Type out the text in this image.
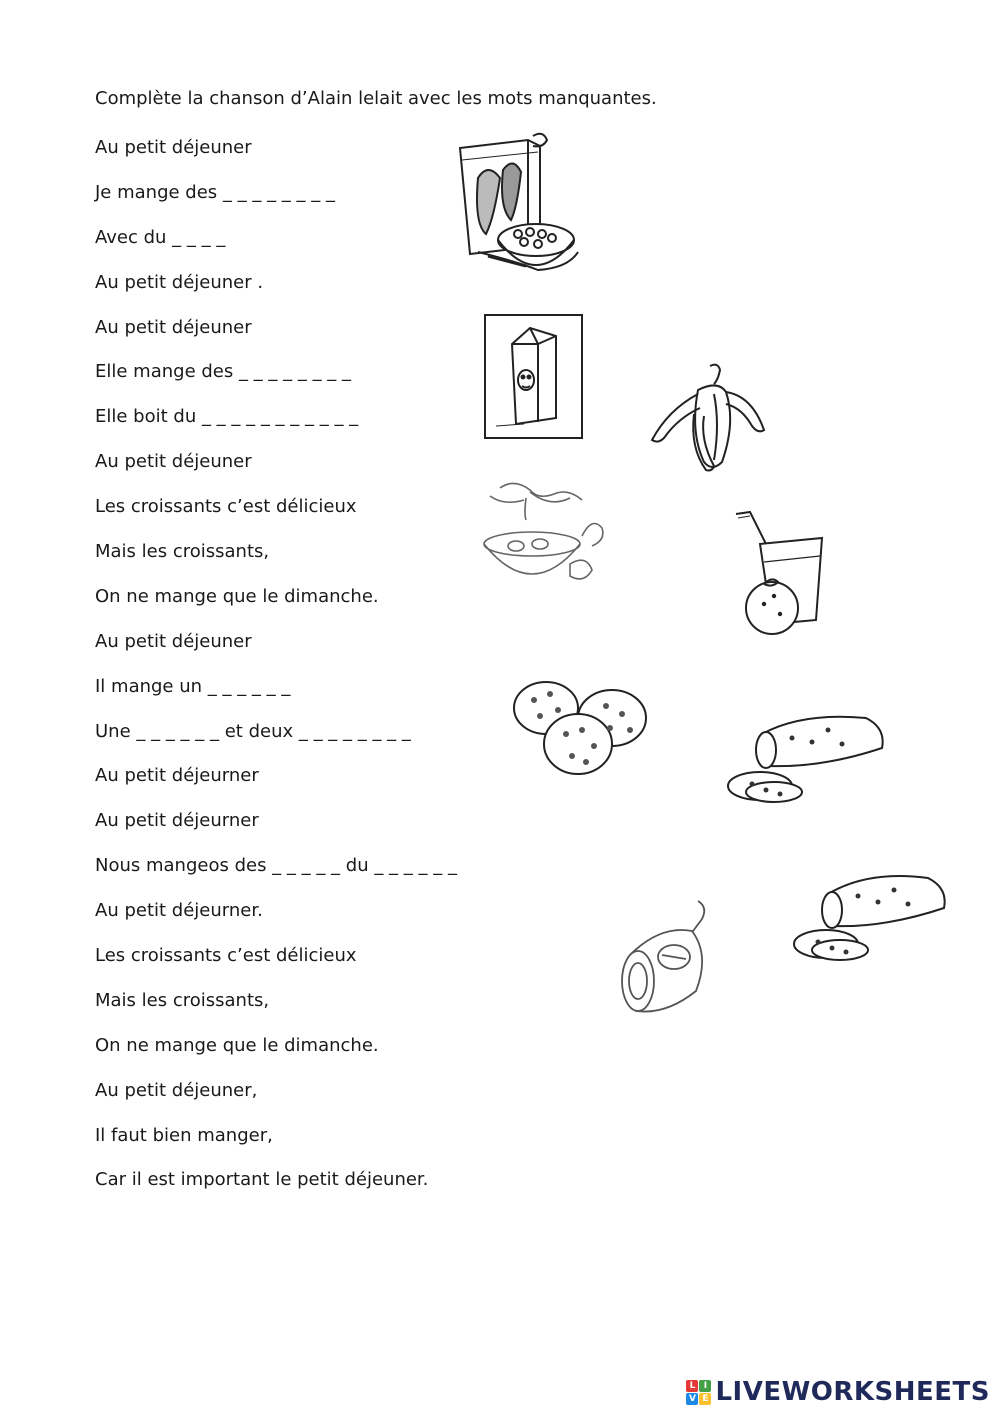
Complète la chanson d’Alain lelait avec les mots manquantes.
Au petit déjeuner
Je mange des _ _ _ _ _ _ _ _
Avec du _ _ _ _
Au petit déjeuner .
Au petit déjeuner
Elle mange des _ _ _ _ _ _ _ _
Elle boit du _ _ _ _ _ _ _ _ _ _ _
Au petit déjeuner
Les croissants c’est délicieux
Mais les croissants,
On ne mange que le dimanche.
Au petit déjeuner
Il mange un _ _ _ _ _ _
Une _ _ _ _ _ _ et deux _ _ _ _ _ _ _ _
Au petit déjeurner
Au petit déjeurner
Nous mangeos des _ _ _ _ _ du _ _ _ _ _ _
Au petit déjeurner.
Les croissants c’est délicieux
Mais les croissants,
On ne mange que le dimanche.
Au petit déjeuner,
Il faut bien manger,
Car il est important le petit déjeuner.
L I
V E LIVEWORKSHEETS
